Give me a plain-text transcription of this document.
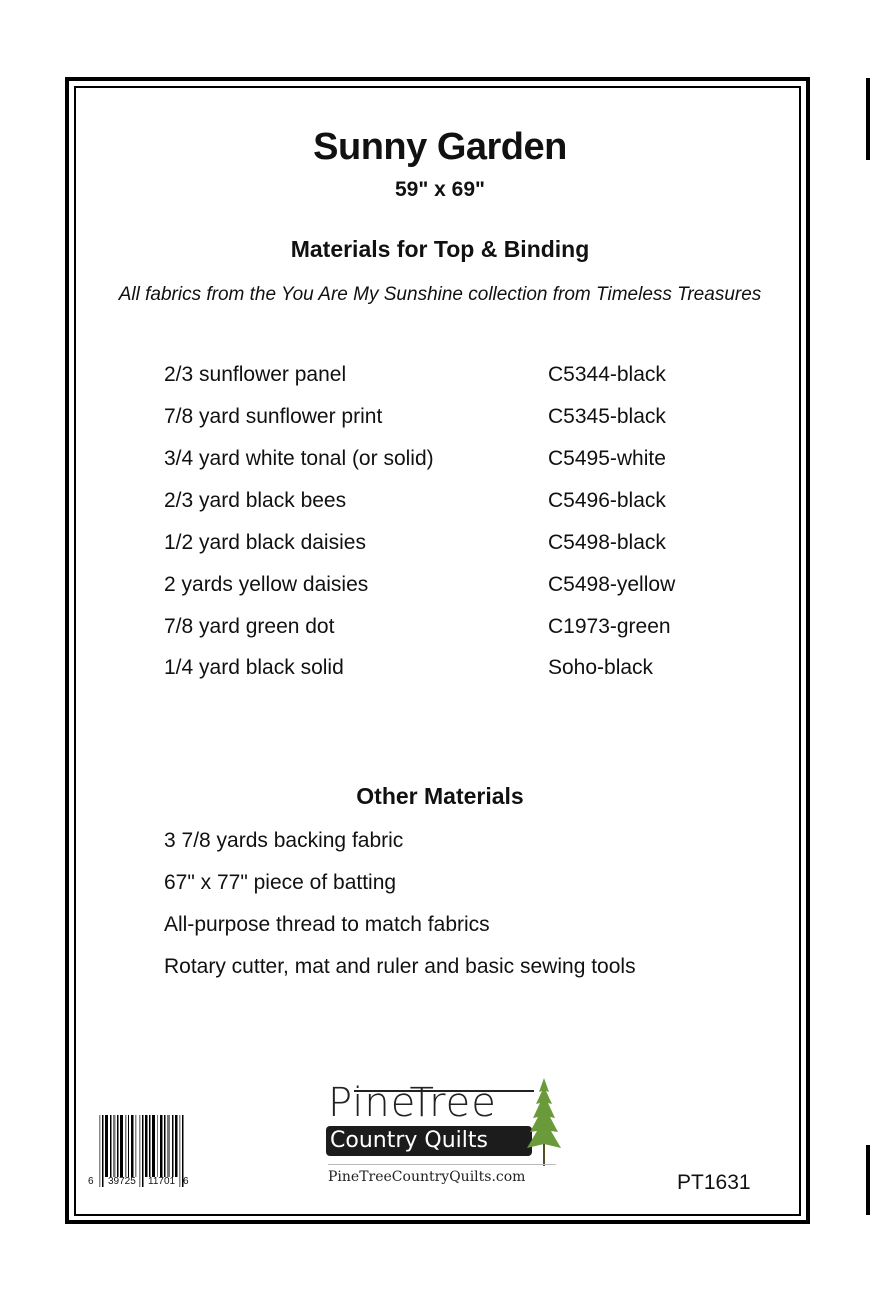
Sunny Garden
59" x 69"
Materials for Top & Binding
All fabrics from the You Are My Sunshine collection from Timeless Treasures
2/3 sunflower panel	C5344-black
7/8 yard sunflower print	C5345-black
3/4 yard white tonal (or solid)	C5495-white
2/3 yard black bees	C5496-black
1/2 yard black daisies	C5498-black
2 yards yellow daisies	C5498-yellow
7/8 yard green dot	C1973-green
1/4 yard black solid	Soho-black
Other Materials
3 7/8 yards backing fabric
67" x 77" piece of batting
All-purpose thread to match fabrics
Rotary cutter, mat and ruler and basic sewing tools
6 39725 11701 6
PineTree
Country Quilts
PineTreeCountryQuilts.com	PT1631
